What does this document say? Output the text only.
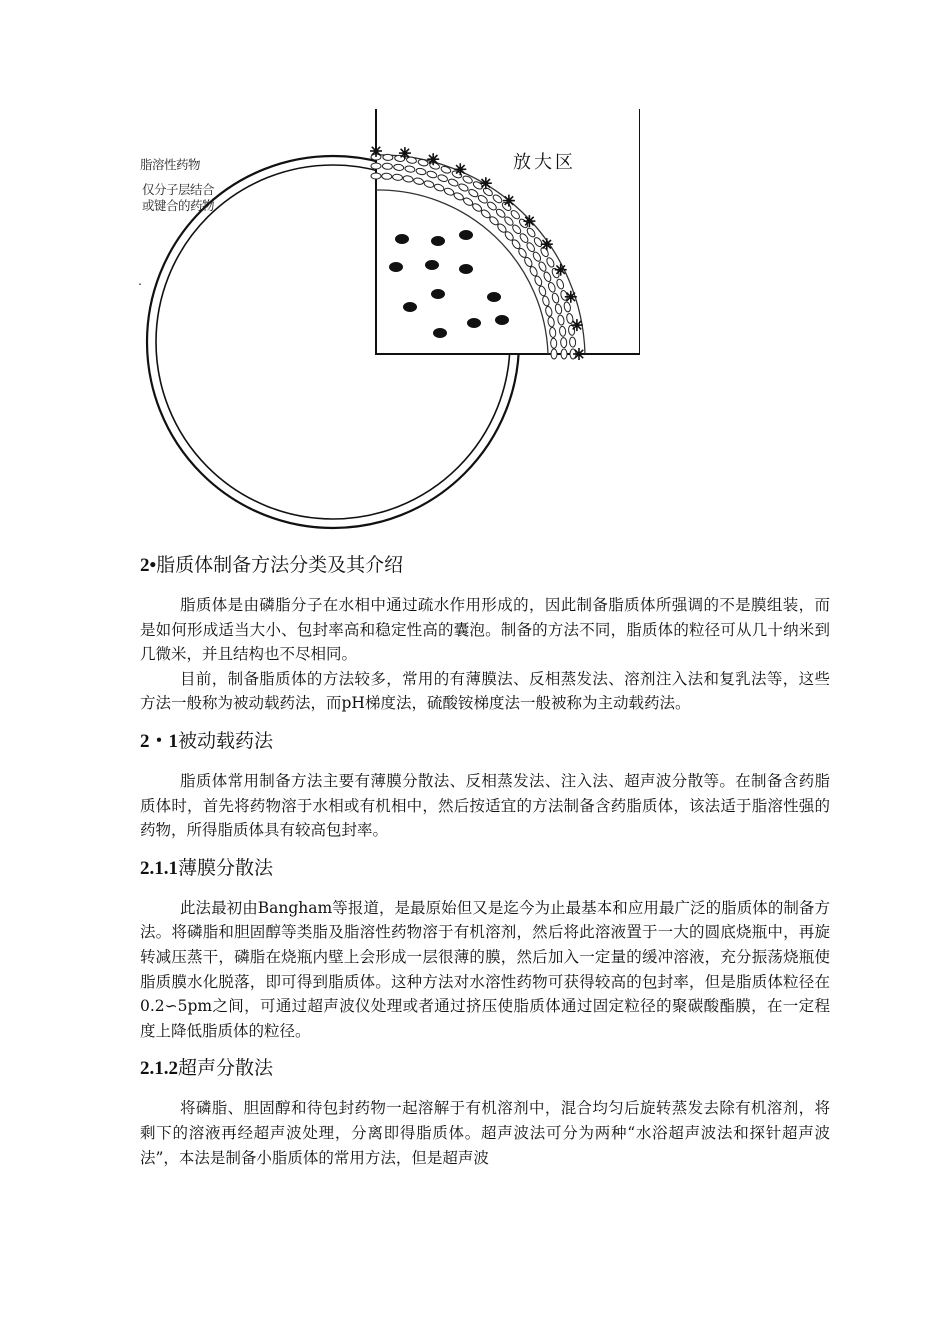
脂溶性药物
仅分子层结合
或键合的药物
.
放大区
2•脂质体制备方法分类及其介绍

脂质体是由磷脂分子在水相中通过疏水作用形成的，因此制备脂质体所强调的不是膜组装，而是如何形成适当大小、包封率高和稳定性高的囊泡。制备的方法不同，脂质体的粒径可从几十纳米到几微米，并且结构也不尽相同。

目前，制备脂质体的方法较多，常用的有薄膜法、反相蒸发法、溶剂注入法和复乳法等，这些方法一般称为被动载药法，而pH梯度法，硫酸铵梯度法一般被称为主动载药法。

2・1被动载药法

脂质体常用制备方法主要有薄膜分散法、反相蒸发法、注入法、超声波分散等。在制备含药脂质体时，首先将药物溶于水相或有机相中，然后按适宜的方法制备含药脂质体，该法适于脂溶性强的药物，所得脂质体具有较高包封率。

2.1.1薄膜分散法

此法最初由Bangham等报道，是最原始但又是迄今为止最基本和应用最广泛的脂质体的制备方法。将磷脂和胆固醇等类脂及脂溶性药物溶于有机溶剂，然后将此溶液置于一大的圆底烧瓶中，再旋转减压蒸干，磷脂在烧瓶内壁上会形成一层很薄的膜，然后加入一定量的缓冲溶液，充分振荡烧瓶使脂质膜水化脱落，即可得到脂质体。这种方法对水溶性药物可获得较高的包封率，但是脂质体粒径在0.2∽5pm之间，可通过超声波仪处理或者通过挤压使脂质体通过固定粒径的聚碳酸酯膜，在一定程度上降低脂质体的粒径。

2.1.2超声分散法

将磷脂、胆固醇和待包封药物一起溶解于有机溶剂中，混合均匀后旋转蒸发去除有机溶剂，将剩下的溶液再经超声波处理，分离即得脂质体。超声波法可分为两种“水浴超声波法和探针超声波法”，本法是制备小脂质体的常用方法，但是超声波
